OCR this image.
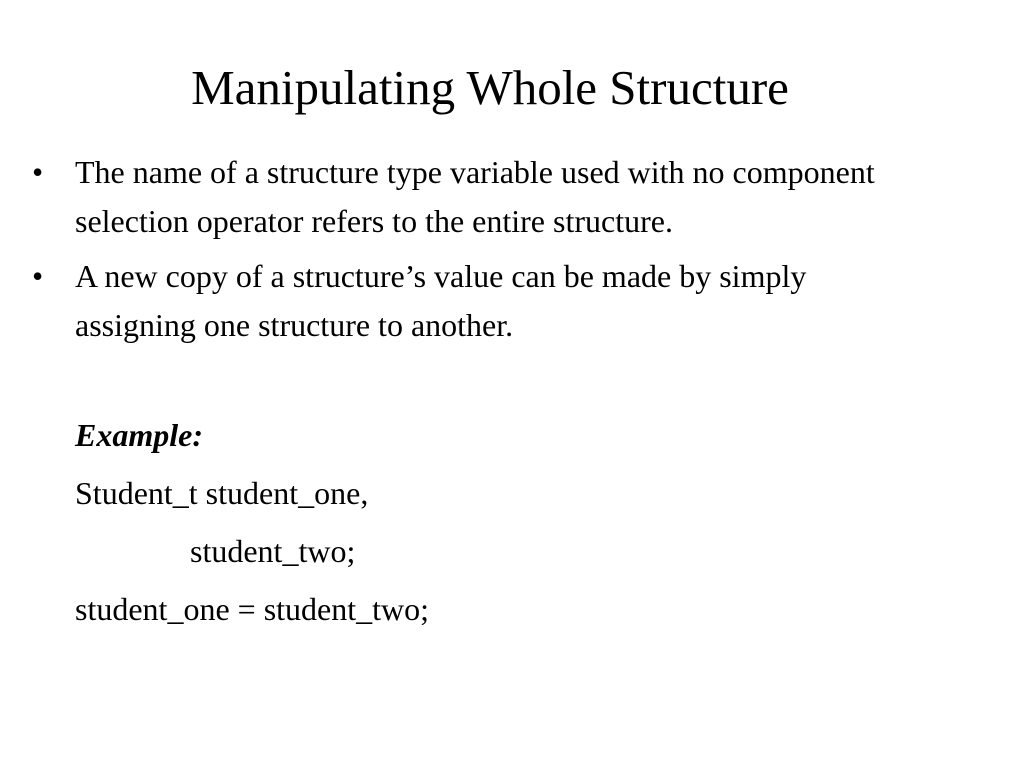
Manipulating Whole Structure
• The name of a structure type variable used with no component selection operator refers to the entire structure.
• A new copy of a structure’s value can be made by simply assigning one structure to another.
Example:
Student_t student_one,
student_two;
student_one = student_two;
